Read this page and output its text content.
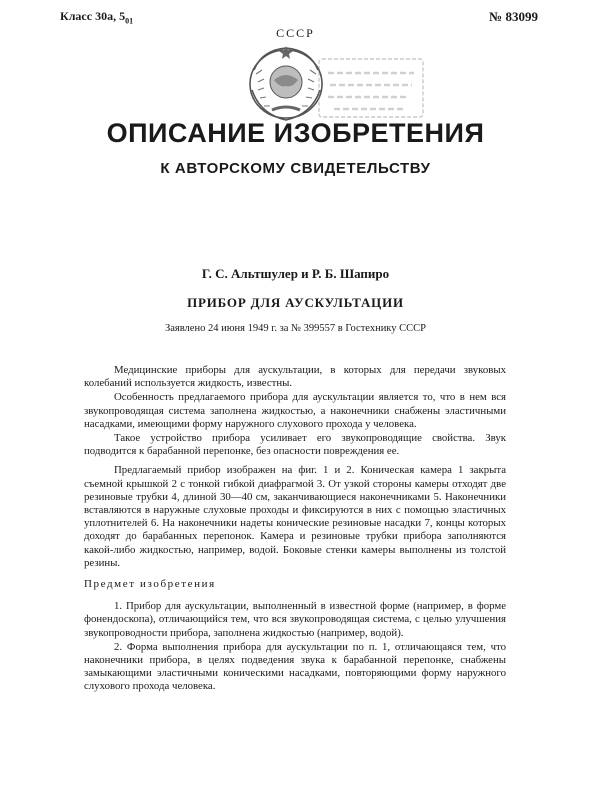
Класс 30а, $5_{01}$
СССР
№ 83099
ОПИСАНИЕ ИЗОБРЕТЕНИЯ
К АВТОРСКОМУ СВИДЕТЕЛЬСТВУ
Г. С. Альтшулер и Р. Б. Шапиро
ПРИБОР ДЛЯ АУСКУЛЬТАЦИИ
Заявлено 24 июня 1949 г. за № 399557 в Гостехнику СССР

Медицинские приборы для аускультации, в которых для передачи звуковых колебаний используется жидкость, известны.

Особенность предлагаемого прибора для аускультации является то, что в нем вся звукопроводящая система заполнена жидкостью, а наконечники снабжены эластичными насадками, имеющими форму наружного слухового прохода у человека.

Такое устройство прибора усиливает его звукопроводящие свойства. Звук подводится к барабанной перепонке, без опасности повреждения ее.

Предлагаемый прибор изображен на фиг. 1 и 2. Коническая камера 1 закрыта съемной крышкой 2 с тонкой гибкой диафрагмой 3. От узкой стороны камеры отходят две резиновые трубки 4, длиной 30—40 см, заканчивающиеся наконечниками 5. Наконечники вставляются в наружные слуховые проходы и фиксируются в них с помощью эластичных уплотнителей 6. На наконечники надеты конические резиновые насадки 7, концы которых доходят до барабанных перепонок. Камера и резиновые трубки прибора заполняются какой-либо жидкостью, например, водой. Боковые стенки камеры выполнены из толстой резины.

Предмет изобретения

1. Прибор для аускультации, выполненный в известной форме (например, в форме фонендоскопа), отличающийся тем, что вся звукопроводящая система, с целью улучшения звукопроводности прибора, заполнена жидкостью (например, водой).

2. Форма выполнения прибора для аускультации по п. 1, отличающаяся тем, что наконечники прибора, в целях подведения звука к барабанной перепонке, снабжены замыкающими эластичными коническими насадками, повторяющими форму наружного слухового прохода человека.
